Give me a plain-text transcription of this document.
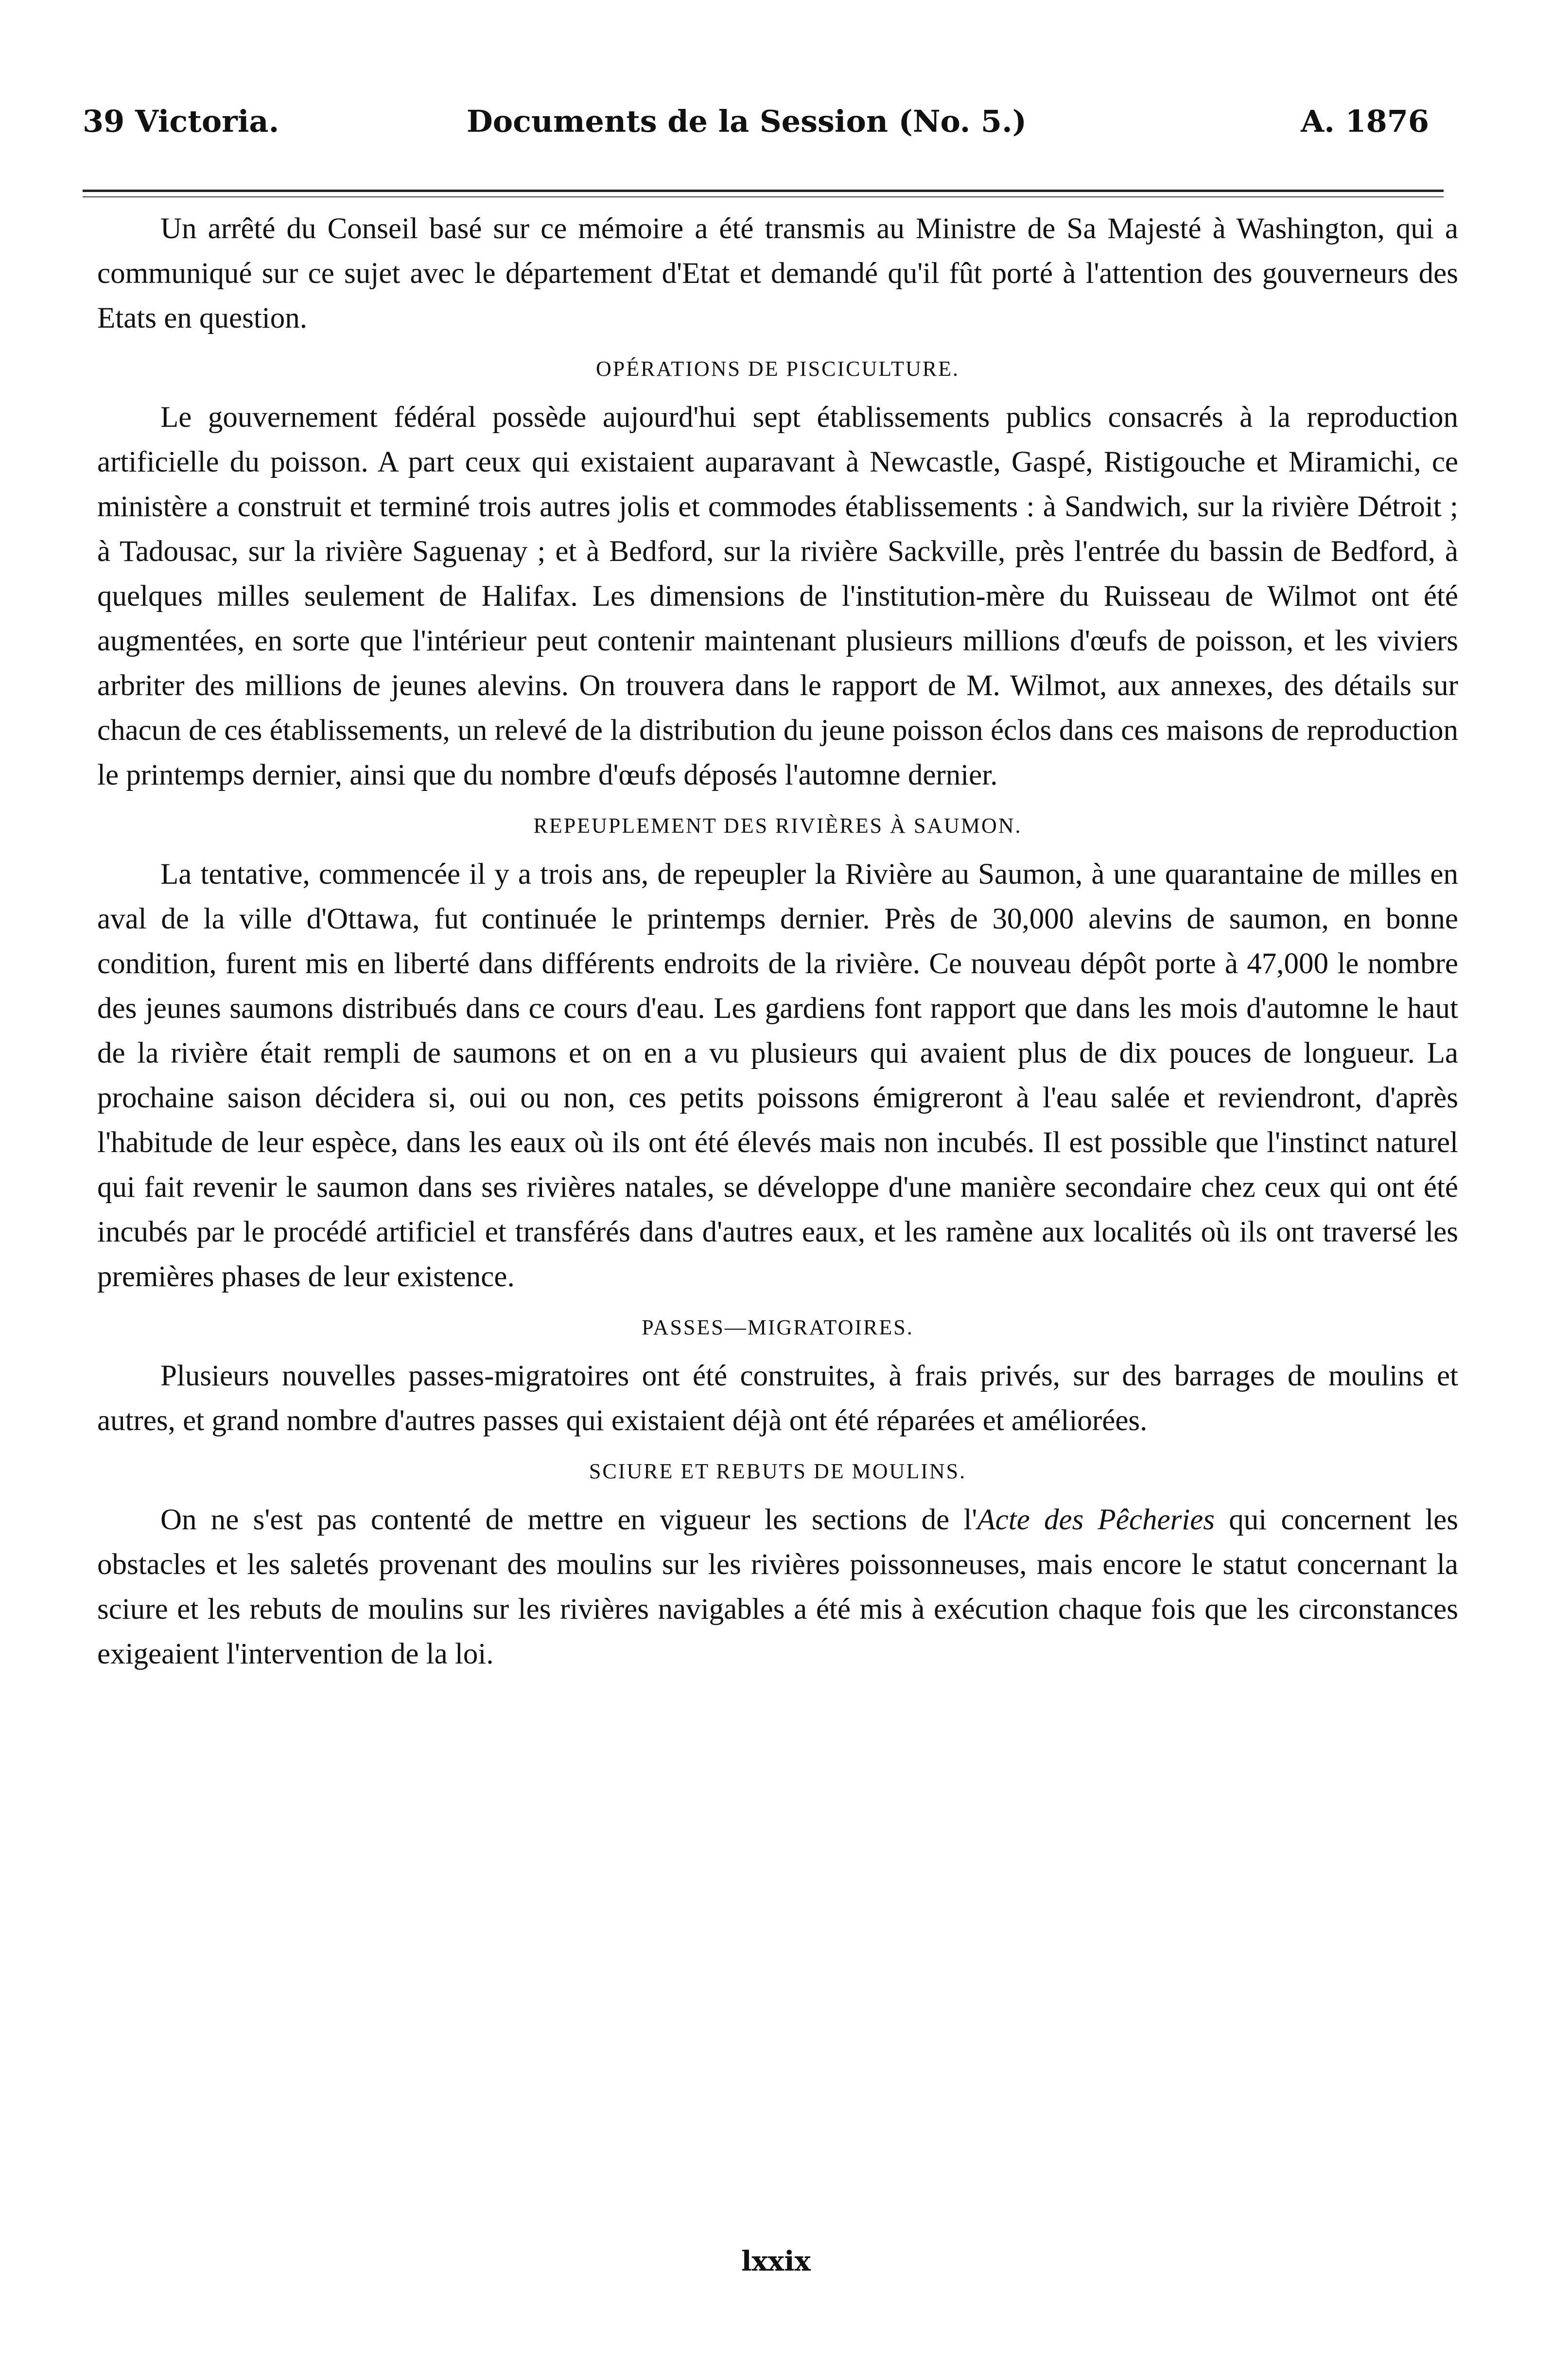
39 Victoria.	Documents de la Session (No. 5.)	A. 1876

Un arrêté du Conseil basé sur ce mémoire a été transmis au Ministre de Sa Majesté à Washington, qui a communiqué sur ce sujet avec le département d'Etat et demandé qu'il fût porté à l'attention des gouverneurs des Etats en question.

OPÉRATIONS DE PISCICULTURE.

Le gouvernement fédéral possède aujourd'hui sept établissements publics consacrés à la reproduction artificielle du poisson. A part ceux qui existaient auparavant à Newcastle, Gaspé, Ristigouche et Miramichi, ce ministère a construit et terminé trois autres jolis et commodes établissements : à Sandwich, sur la rivière Détroit ; à Tadousac, sur la rivière Saguenay ; et à Bedford, sur la rivière Sackville, près l'entrée du bassin de Bedford, à quelques milles seulement de Halifax. Les dimensions de l'institution-mère du Ruisseau de Wilmot ont été augmentées, en sorte que l'intérieur peut contenir maintenant plusieurs millions d'œufs de poisson, et les viviers arbriter des millions de jeunes alevins. On trouvera dans le rapport de M. Wilmot, aux annexes, des détails sur chacun de ces établissements, un relevé de la distribution du jeune poisson éclos dans ces maisons de reproduction le printemps dernier, ainsi que du nombre d'œufs déposés l'automne dernier.

REPEUPLEMENT DES RIVIÈRES À SAUMON.

La tentative, commencée il y a trois ans, de repeupler la Rivière au Saumon, à une quarantaine de milles en aval de la ville d'Ottawa, fut continuée le printemps dernier. Près de 30,000 alevins de saumon, en bonne condition, furent mis en liberté dans différents endroits de la rivière. Ce nouveau dépôt porte à 47,000 le nombre des jeunes saumons distribués dans ce cours d'eau. Les gardiens font rapport que dans les mois d'automne le haut de la rivière était rempli de saumons et on en a vu plusieurs qui avaient plus de dix pouces de longueur. La prochaine saison décidera si, oui ou non, ces petits poissons émigreront à l'eau salée et reviendront, d'après l'habitude de leur espèce, dans les eaux où ils ont été élevés mais non incubés. Il est possible que l'instinct naturel qui fait revenir le saumon dans ses rivières natales, se développe d'une manière secondaire chez ceux qui ont été incubés par le procédé artificiel et transférés dans d'autres eaux, et les ramène aux localités où ils ont traversé les premières phases de leur existence.

PASSES—MIGRATOIRES.

Plusieurs nouvelles passes-migratoires ont été construites, à frais privés, sur des barrages de moulins et autres, et grand nombre d'autres passes qui existaient déjà ont été réparées et améliorées.

SCIURE ET REBUTS DE MOULINS.

On ne s'est pas contenté de mettre en vigueur les sections de l'Acte des Pêcheries qui concernent les obstacles et les saletés provenant des moulins sur les rivières poissonneuses, mais encore le statut concernant la sciure et les rebuts de moulins sur les rivières navigables a été mis à exécution chaque fois que les circonstances exigeaient l'intervention de la loi.

lxxix
